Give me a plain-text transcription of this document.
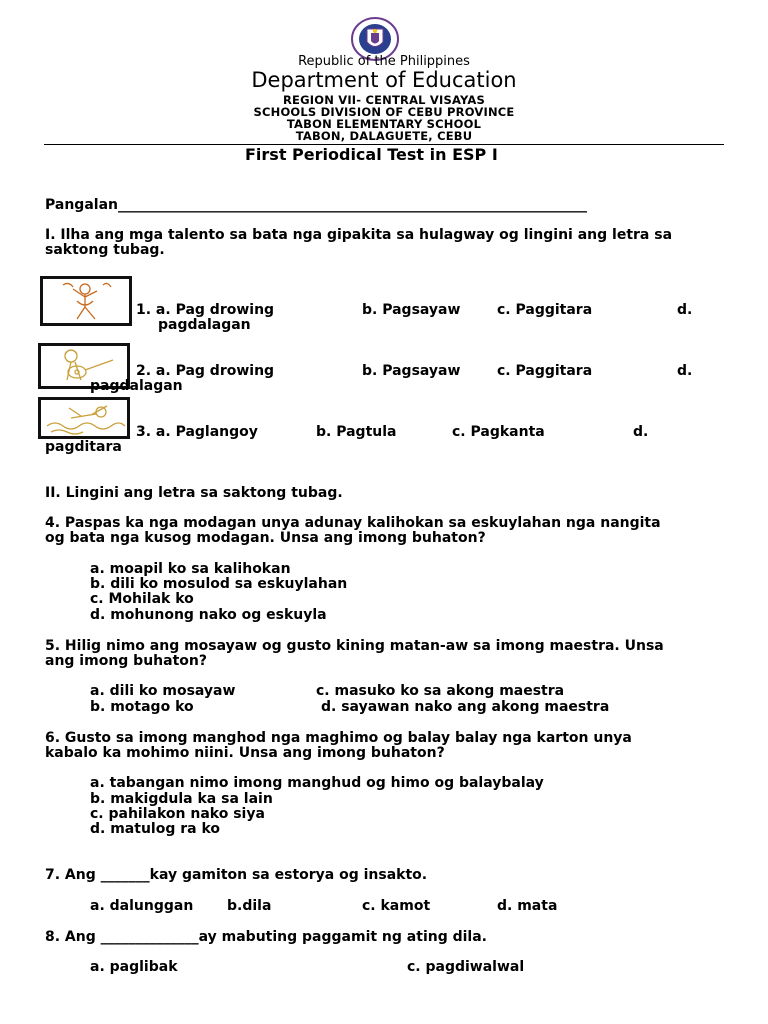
Republic of the Philippines
Department of Education
REGION VII- CENTRAL VISAYAS
SCHOOLS DIVISION OF CEBU PROVINCE
TABON ELEMENTARY SCHOOL
TABON, DALAGUETE, CEBU
First Periodical Test in ESP I
Pangalan___________________________________________________________________
I. Ilha ang mga talento sa bata nga gipakita sa hulagway og lingini ang letra sa
saktong tubag.
1. a. Pag drowing	b. Pagsayaw	c. Paggitara	d.
pagdalagan
2. a. Pag drowing	b. Pagsayaw	c. Paggitara	d.
pagdalagan
3. a. Paglangoy	b. Pagtula	c. Pagkanta	d.
pagditara
II. Lingini ang letra sa saktong tubag.
4. Paspas ka nga modagan unya adunay kalihokan sa eskuylahan nga nangita
og bata nga kusog modagan. Unsa ang imong buhaton?
a. moapil ko sa kalihokan
b. dili ko mosulod sa eskuylahan
c. Mohilak ko
d. mohunong nako og eskuyla
5. Hilig nimo ang mosayaw og gusto kining matan-aw sa imong maestra. Unsa
ang imong buhaton?
a. dili ko mosayaw	c. masuko ko sa akong maestra
b. motago ko	d. sayawan nako ang akong maestra
6. Gusto sa imong manghod nga maghimo og balay balay nga karton unya
kabalo ka mohimo niini. Unsa ang imong buhaton?
a. tabangan nimo imong manghud og himo og balaybalay
b. makigdula ka sa lain
c. pahilakon nako siya
d. matulog ra ko
7. Ang _______kay gamiton sa estorya og insakto.
a. dalunggan b.dila	c. kamot	d. mata
8. Ang ______________ay mabuting paggamit ng ating dila.
a. paglibak	c. pagdiwalwal
